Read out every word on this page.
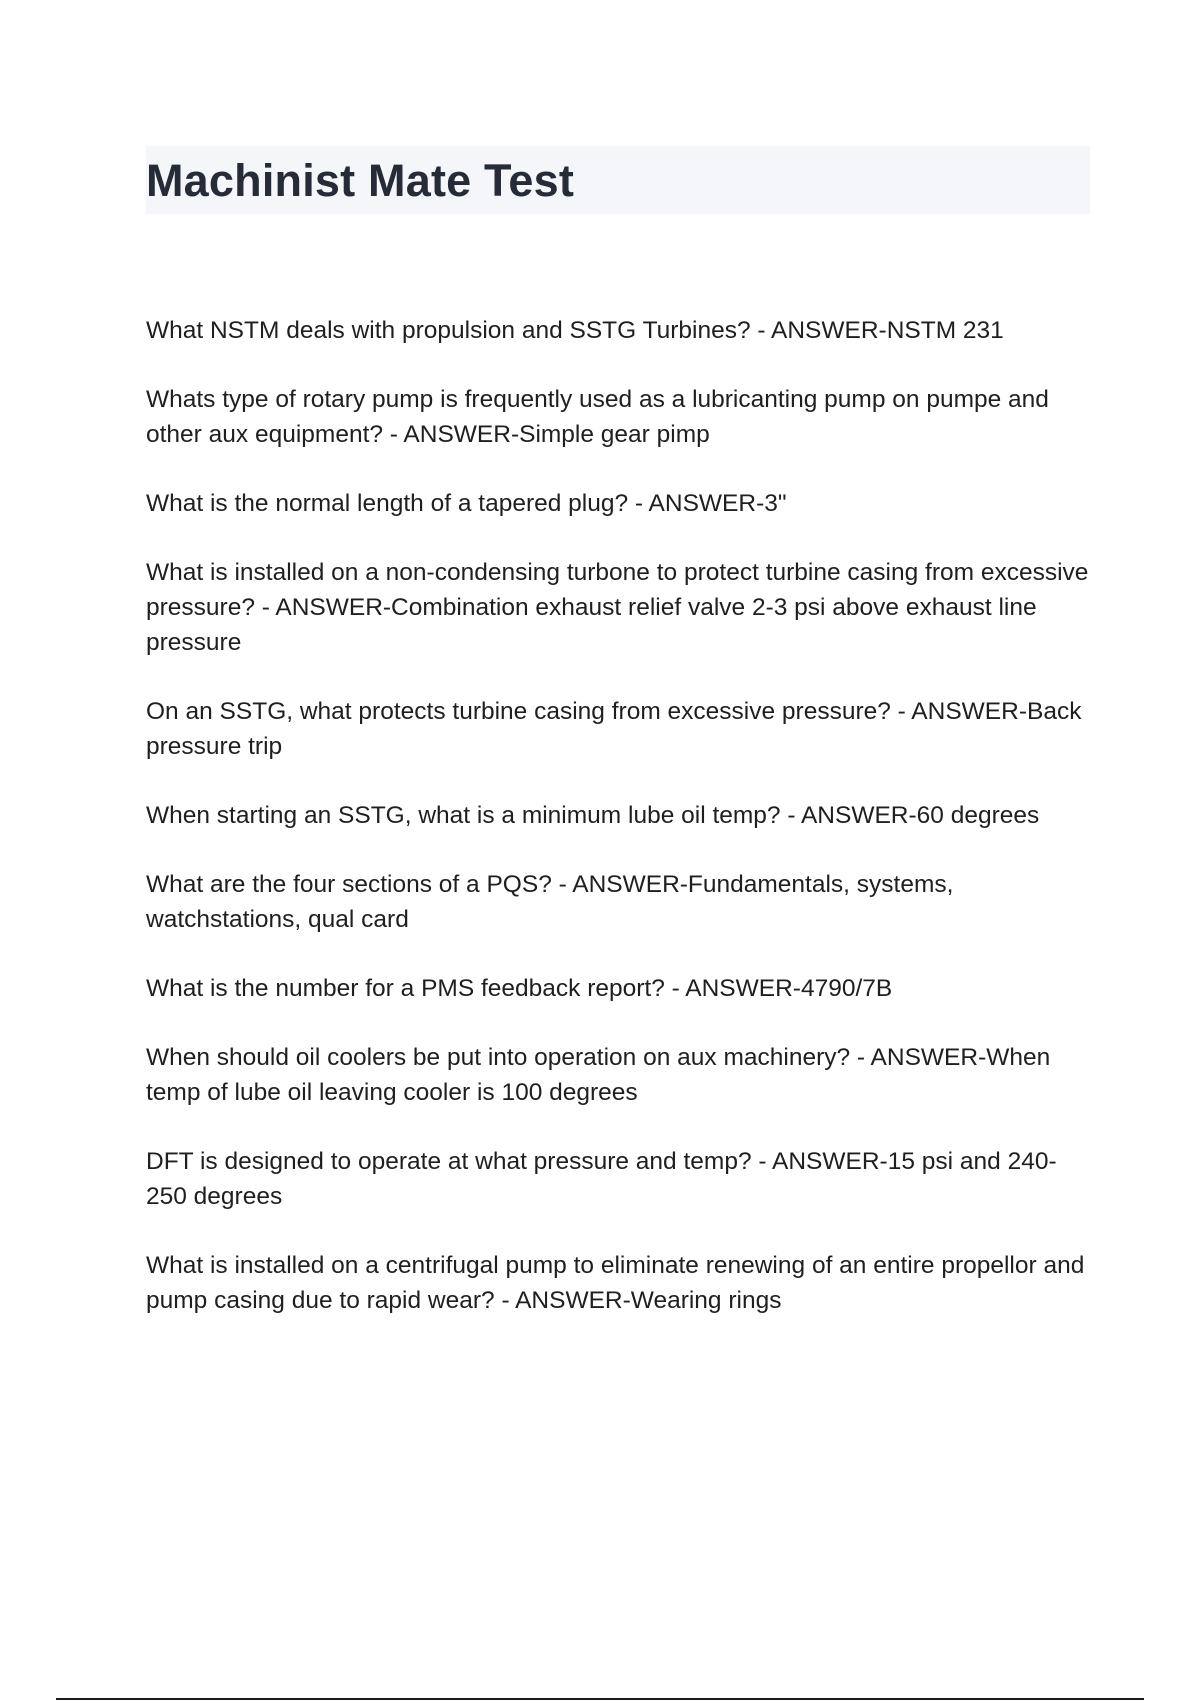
Machinist Mate Test
What NSTM deals with propulsion and SSTG Turbines? - ANSWER-NSTM 231
Whats type of rotary pump is frequently used as a lubricanting pump on pumpe and other aux equipment? - ANSWER-Simple gear pimp
What is the normal length of a tapered plug? - ANSWER-3"
What is installed on a non-condensing turbone to protect turbine casing from excessive pressure? - ANSWER-Combination exhaust relief valve 2-3 psi above exhaust line pressure
On an SSTG, what protects turbine casing from excessive pressure? - ANSWER-Back pressure trip
When starting an SSTG, what is a minimum lube oil temp? - ANSWER-60 degrees
What are the four sections of a PQS? - ANSWER-Fundamentals, systems, watchstations, qual card
What is the number for a PMS feedback report? - ANSWER-4790/7B
When should oil coolers be put into operation on aux machinery? - ANSWER-When temp of lube oil leaving cooler is 100 degrees
DFT is designed to operate at what pressure and temp? - ANSWER-15 psi and 240-250 degrees
What is installed on a centrifugal pump to eliminate renewing of an entire propellor and pump casing due to rapid wear? - ANSWER-Wearing rings
